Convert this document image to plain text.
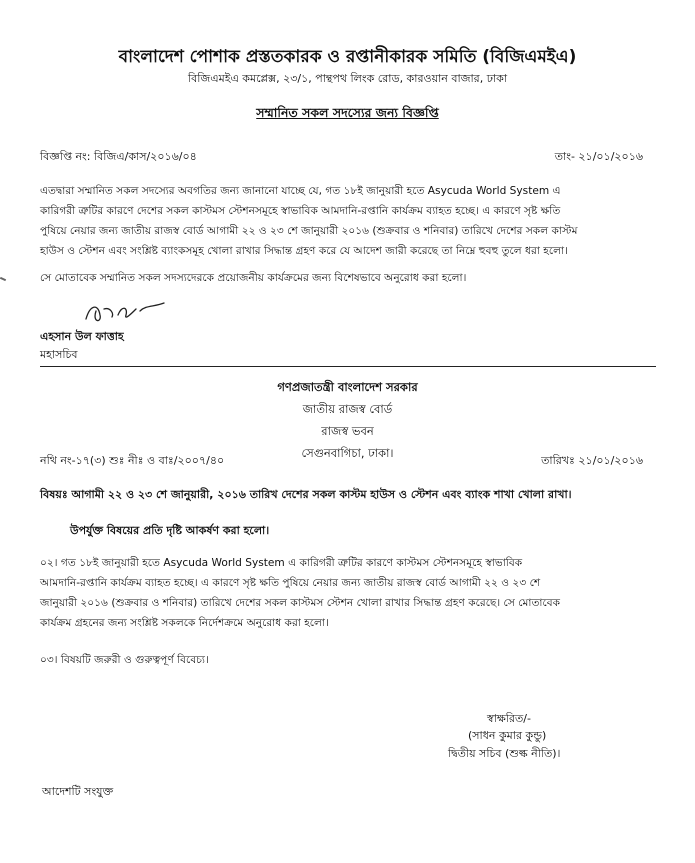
বাংলাদেশ পোশাক প্রস্ততকারক ও রপ্তানীকারক সমিতি (বিজিএমইএ)
বিজিএমইএ কমপ্লেক্স, ২৩/১, পান্থপথ লিংক রোড, কারওয়ান বাজার, ঢাকা
সম্মানিত সকল সদস্যের জন্য বিজ্ঞপ্তি
বিজ্ঞপ্তি নং: বিজিএ/কাস/২০১৬/০৪	তাং- ২১/০১/২০১৬

এতদ্বারা সম্মানিত সকল সদস্যের অবগতির জন্য জানানো যাচ্ছে যে, গত ১৮ই জানুয়ারী হতে Asycuda World System এ

কারিগরী ত্রুটির কারণে দেশের সকল কাস্টমস স্টেশনসমূহে স্বাভাবিক আমদানি-রপ্তানি কার্যক্রম ব্যাহত হচ্ছে। এ কারণে সৃষ্ট ক্ষতি

পুষিয়ে নেয়ার জন্য জাতীয় রাজস্ব বোর্ড আগামী ২২ ও ২৩ শে জানুয়ারী ২০১৬ (শুক্রবার ও শনিবার) তারিখে দেশের সকল কাস্টম

হাউস ও স্টেশন এবং সংশ্লিষ্ট ব্যাংকসমূহ খোলা রাখার সিদ্ধান্ত গ্রহণ করে যে আদেশ জারী করেছে তা নিম্নে হুবহু তুলে ধরা হলো।

সে মোতাবেক সম্মানিত সকল সদস্যদেরকে প্রয়োজনীয় কার্যক্রমের জন্য বিশেষভাবে অনুরোধ করা হলো।
এহসান উল ফাত্তাহ
মহাসচিব
গণপ্রজাতন্ত্রী বাংলাদেশ সরকার
জাতীয় রাজস্ব বোর্ড
রাজস্ব ভবন
সেগুনবাগিচা, ঢাকা।
নথি নং-১৭(৩) শুঃ নীঃ ও বাঃ/২০০৭/৪০	তারিখঃ ২১/০১/২০১৬
বিষয়ঃ আগামী ২২ ও ২৩ শে জানুয়ারী, ২০১৬ তারিখ দেশের সকল কাস্টম হাউস ও স্টেশন এবং ব্যাংক শাখা খোলা রাখা।
উপর্যুক্ত বিষয়ের প্রতি দৃষ্টি আকর্ষণ করা হলো।

০২। গত ১৮ই জানুয়ারী হতে Asycuda World System এ কারিগরী ত্রুটির কারণে কাস্টমস স্টেশনসমূহে স্বাভাবিক

আমদানি-রপ্তানি কার্যক্রম ব্যাহত হচ্ছে। এ কারণে সৃষ্ট ক্ষতি পুষিয়ে নেয়ার জন্য জাতীয় রাজস্ব বোর্ড আগামী ২২ ও ২৩ শে

জানুয়ারী ২০১৬ (শুক্রবার ও শনিবার) তারিখে দেশের সকল কাস্টমস স্টেশন খোলা রাখার সিদ্ধান্ত গ্রহণ করেছে। সে মোতাবেক

কার্যক্রম গ্রহনের জন্য সংশ্লিষ্ট সকলকে নির্দেশক্রমে অনুরোধ করা হলো।

০৩। বিষয়টি জরুরী ও গুরুত্বপূর্ণ বিবেচ্য।
স্বাক্ষরিত/-
(সাধন কুমার কুন্ডু)
দ্বিতীয় সচিব (শুল্ক নীতি)।
আদেশটি সংযুক্ত
